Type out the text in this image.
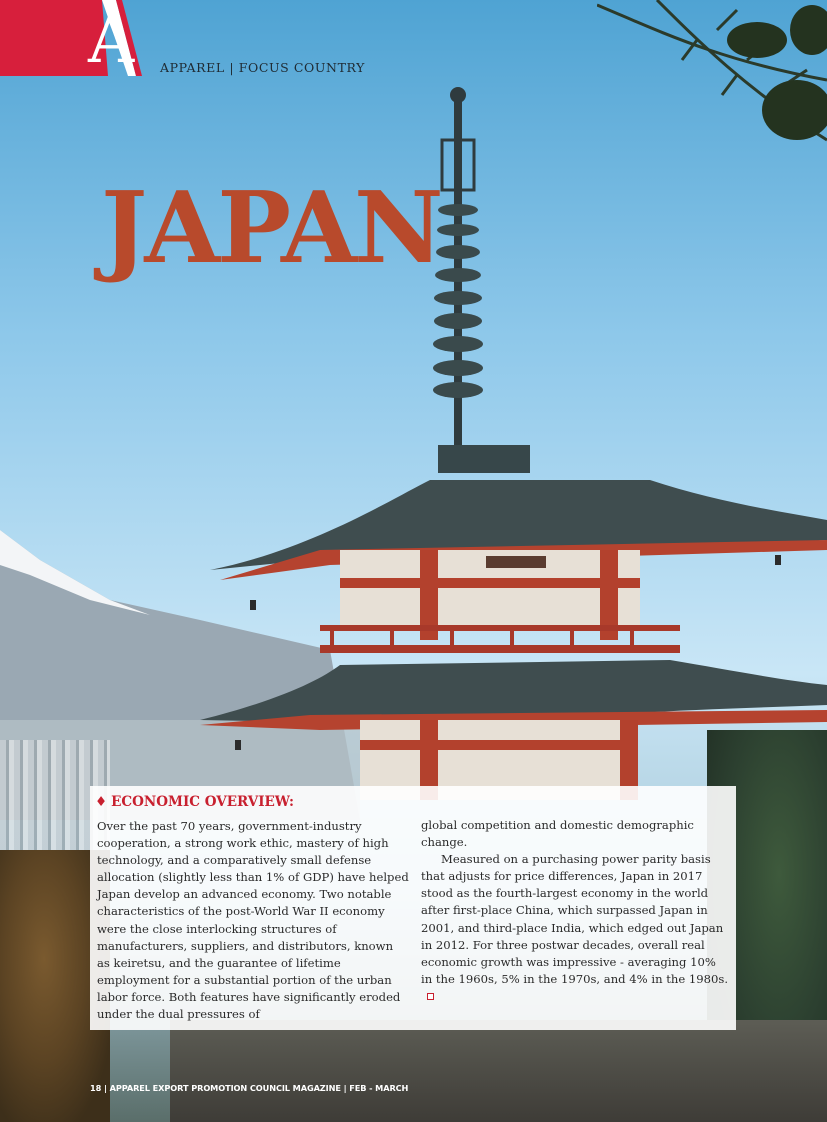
A APPAREL | FOCUS COUNTRY
JAPAN
♦ ECONOMIC OVERVIEW:

Over the past 70 years, government-industry cooperation, a strong work ethic, mastery of high technology, and a comparatively small defense allocation (slightly less than 1% of GDP) have helped Japan develop an advanced economy. Two notable characteristics of the post-World War II economy were the close interlocking structures of manufacturers, suppliers, and distributors, known as keiretsu, and the guarantee of lifetime employment for a substantial portion of the urban labor force. Both features have significantly eroded under the dual pressures of

global competition and domestic demographic change.

Measured on a purchasing power parity basis that adjusts for price differences, Japan in 2017 stood as the fourth-largest economy in the world after first-place China, which surpassed Japan in 2001, and third-place India, which edged out Japan in 2012. For three postwar decades, overall real economic growth was impressive - averaging 10% in the 1960s, 5% in the 1970s, and 4% in the 1980s.

18 | APPAREL EXPORT PROMOTION COUNCIL MAGAZINE | FEB - MARCH
